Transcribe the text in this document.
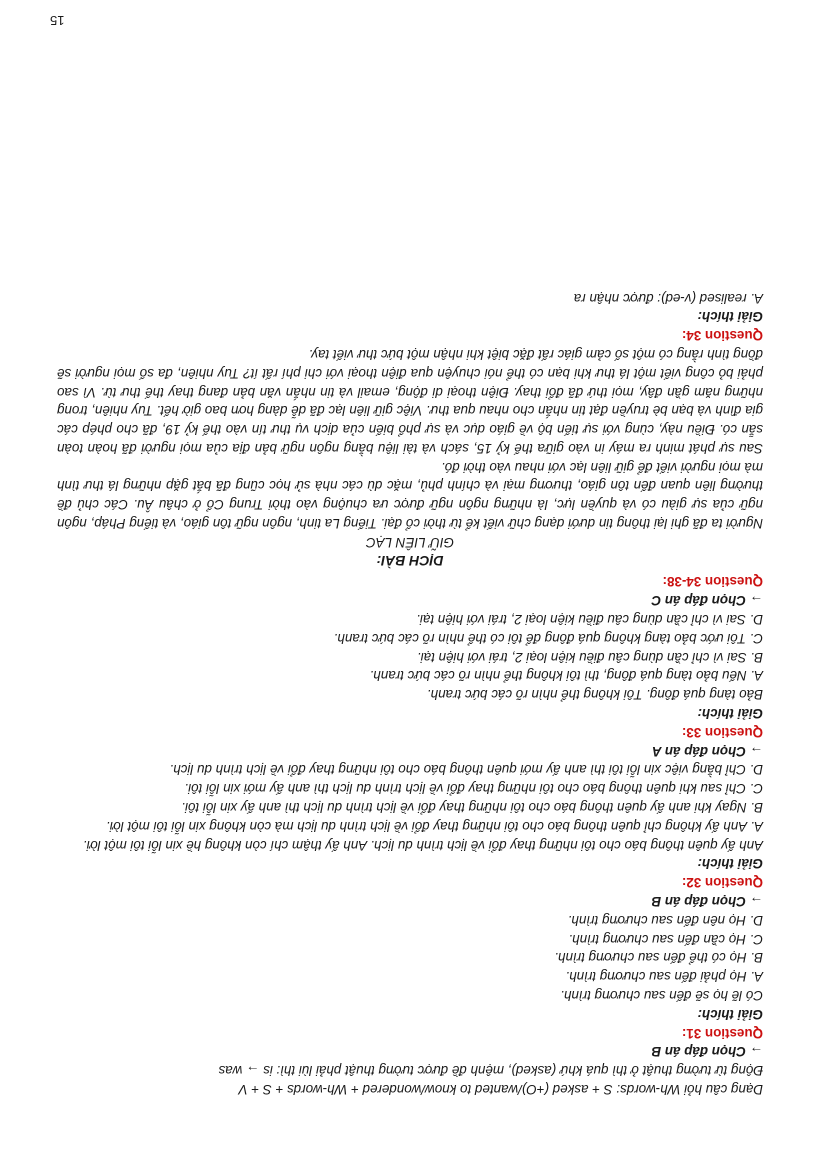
Dạng câu hỏi Wh-words: S + asked (+O)/wanted to know/wondered + Wh-words + S + V

Động từ tường thuật ở thì quá khứ (asked), mệnh đề được tường thuật phải lùi thì: is → was

→ Chọn đáp án B

Question 31:

Giải thích:

Có lẽ họ sẽ đến sau chương trình.

A. Họ phải đến sau chương trình.

B. Họ có thể đến sau chương trình.

C. Họ cần đến sau chương trình.

D. Họ nên đến sau chương trình.

→ Chọn đáp án B

Question 32:

Giải thích:

Anh ấy quên thông báo cho tôi những thay đổi về lịch trình du lịch. Anh ấy thậm chí còn không hề xin lỗi tôi một lời.

A. Anh ấy không chỉ quên thông báo cho tôi những thay đổi về lịch trình du lịch mà còn không xin lỗi tôi một lời.

B. Ngay khi anh ấy quên thông báo cho tôi những thay đổi về lịch trình du lịch thì anh ấy xin lỗi tôi.

C. Chỉ sau khi quên thông báo cho tôi những thay đổi về lịch trình du lịch thì anh ấy mới xin lỗi tôi.

D. Chỉ bằng việc xin lỗi tôi thì anh ấy mới quên thông báo cho tôi những thay đổi về lịch trình du lịch.

→ Chọn đáp án A

Question 33:

Giải thích:

Bảo tàng quá đông. Tôi không thể nhìn rõ các bức tranh.

A. Nếu bảo tàng quá đông, thì tôi không thể nhìn rõ các bức tranh.

B. Sai vì chỉ cần dùng câu điều kiện loại 2, trái với hiện tại.

C. Tôi ước bảo tàng không quá đông để tôi có thể nhìn rõ các bức tranh.

D. Sai vì chỉ cần dùng câu điều kiện loại 2, trái với hiện tại.

→ Chọn đáp án C

Question 34-38:

DỊCH BÀI:

GIỮ LIÊN LẠC

Người ta đã ghi lại thông tin dưới dạng chữ viết kể từ thời cổ đại. Tiếng La tinh, ngôn ngữ tôn giáo, và tiếng Pháp, ngôn ngữ của sự giàu có và quyền lực, là những ngôn ngữ được ưa chuộng vào thời Trung Cổ ở châu Âu. Các chủ đề thường liên quan đến tôn giáo, thương mại và chính phủ, mặc dù các nhà sử học cũng đã bắt gặp những lá thư tình mà mọi người viết để giữ liên lạc với nhau vào thời đó.

Sau sự phát minh ra máy in vào giữa thế kỷ 15, sách và tài liệu bằng ngôn ngữ bản địa của mọi người đã hoàn toàn sẵn có. Điều này, cùng với sự tiến bộ về giáo dục và sự phổ biến của dịch vụ thư tín vào thế kỷ 19, đã cho phép các gia đình và bạn bè truyền đạt tin nhắn cho nhau qua thư. Việc giữ liên lạc đã dễ dàng hơn bao giờ hết. Tuy nhiên, trong những năm gần đây, mọi thứ đã đổi thay. Điện thoại di động, email và tin nhắn văn bản đang thay thế thư từ. Vì sao phải bỏ công viết một lá thư khi bạn có thể nói chuyện qua điện thoại với chi phí rất ít? Tuy nhiên, đa số mọi người sẽ đồng tình rằng có một số cảm giác rất đặc biệt khi nhận một bức thư viết tay.

Question 34:

Giải thích:

A. realised (v-ed): được nhận ra

15
